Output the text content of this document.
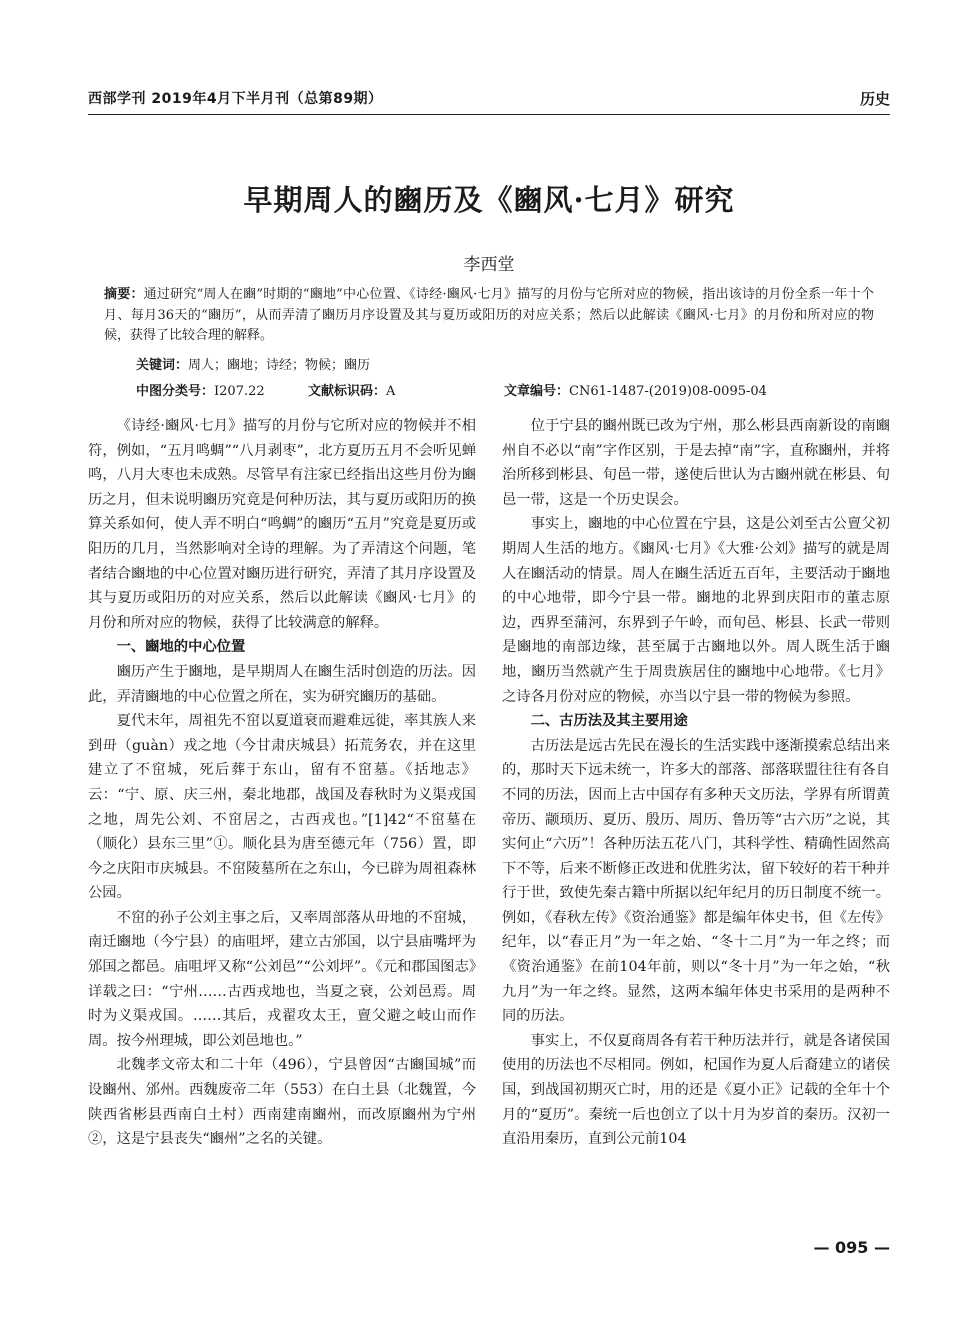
西部学刊 2019年4月下半月刊（总第89期）	历史
早期周人的豳历及《豳风·七月》研究
李西堂
摘要：通过研究“周人在豳”时期的“豳地”中心位置、《诗经·豳风·七月》描写的月份与它所对应的物候，指出该诗的月份全系一年十个月、每月36天的“豳历”，从而弄清了豳历月序设置及其与夏历或阳历的对应关系；然后以此解读《豳风·七月》的月份和所对应的物候，获得了比较合理的解释。
关键词：周人；豳地；诗经；物候；豳历
中图分类号：I207.22	文献标识码：A	文章编号：CN61-1487-(2019)08-0095-04

《诗经·豳风·七月》描写的月份与它所对应的物候并不相符，例如，“五月鸣蜩”“八月剥枣”，北方夏历五月不会听见蝉鸣，八月大枣也未成熟。尽管早有注家已经指出这些月份为豳历之月，但未说明豳历究竟是何种历法，其与夏历或阳历的换算关系如何，使人弄不明白“鸣蜩”的豳历“五月”究竟是夏历或阳历的几月，当然影响对全诗的理解。为了弄清这个问题，笔者结合豳地的中心位置对豳历进行研究，弄清了其月序设置及其与夏历或阳历的对应关系，然后以此解读《豳风·七月》的月份和所对应的物候，获得了比较满意的解释。

一、豳地的中心位置

豳历产生于豳地，是早期周人在豳生活时创造的历法。因此，弄清豳地的中心位置之所在，实为研究豳历的基础。

夏代末年，周祖先不窋以夏道衰而避难远徙，率其族人来到毌（guàn）戎之地（今甘肃庆城县）拓荒务农，并在这里建立了不窋城，死后葬于东山，留有不窋墓。《括地志》云：“宁、原、庆三州，秦北地郡，战国及春秋时为义渠戎国之地，周先公刘、不窋居之，古西戎也。”[1]42“不窋墓在（顺化）县东三里”①。顺化县为唐至德元年（756）置，即今之庆阳市庆城县。不窋陵墓所在之东山，今已辟为周祖森林公园。

不窋的孙子公刘主事之后，又率周部落从毌地的不窋城，南迁豳地（今宁县）的庙咀坪，建立古邠国，以宁县庙嘴坪为邠国之都邑。庙咀坪又称“公刘邑”“公刘坪”。《元和郡国图志》详载之曰：“宁州……古西戎地也，当夏之衰，公刘邑焉。周时为义渠戎国。……其后，戎翟攻太王，亶父避之岐山而作周。按今州理城，即公刘邑地也。”

北魏孝文帝太和二十年（496），宁县曾因“古豳国城”而设豳州、邠州。西魏废帝二年（553）在白土县（北魏置，今陕西省彬县西南白土村）西南建南豳州，而改原豳州为宁州②，这是宁县丧失“豳州”之名的关键。

位于宁县的豳州既已改为宁州，那么彬县西南新设的南豳州自不必以“南”字作区别，于是去掉“南”字，直称豳州，并将治所移到彬县、旬邑一带，遂使后世认为古豳州就在彬县、旬邑一带，这是一个历史误会。

事实上，豳地的中心位置在宁县，这是公刘至古公亶父初期周人生活的地方。《豳风·七月》《大雅·公刘》描写的就是周人在豳活动的情景。周人在豳生活近五百年，主要活动于豳地的中心地带，即今宁县一带。豳地的北界到庆阳市的董志原边，西界至蒲河，东界到子午岭，而旬邑、彬县、长武一带则是豳地的南部边缘，甚至属于古豳地以外。周人既生活于豳地，豳历当然就产生于周贵族居住的豳地中心地带。《七月》之诗各月份对应的物候，亦当以宁县一带的物候为参照。

二、古历法及其主要用途

古历法是远古先民在漫长的生活实践中逐渐摸索总结出来的，那时天下远未统一，许多大的部落、部落联盟往往有各自不同的历法，因而上古中国存有多种天文历法，学界有所谓黄帝历、颛顼历、夏历、殷历、周历、鲁历等“古六历”之说，其实何止“六历”！各种历法五花八门，其科学性、精确性固然高下不等，后来不断修正改进和优胜劣汰，留下较好的若干种并行于世，致使先秦古籍中所据以纪年纪月的历日制度不统一。例如，《春秋左传》《资治通鉴》都是编年体史书，但《左传》纪年，以“春正月”为一年之始、“冬十二月”为一年之终；而《资治通鉴》在前104年前，则以“冬十月”为一年之始，“秋九月”为一年之终。显然，这两本编年体史书采用的是两种不同的历法。

事实上，不仅夏商周各有若干种历法并行，就是各诸侯国使用的历法也不尽相同。例如，杞国作为夏人后裔建立的诸侯国，到战国初期灭亡时，用的还是《夏小正》记载的全年十个月的“夏历”。秦统一后也创立了以十月为岁首的秦历。汉初一直沿用秦历，直到公元前104

— 095 —
